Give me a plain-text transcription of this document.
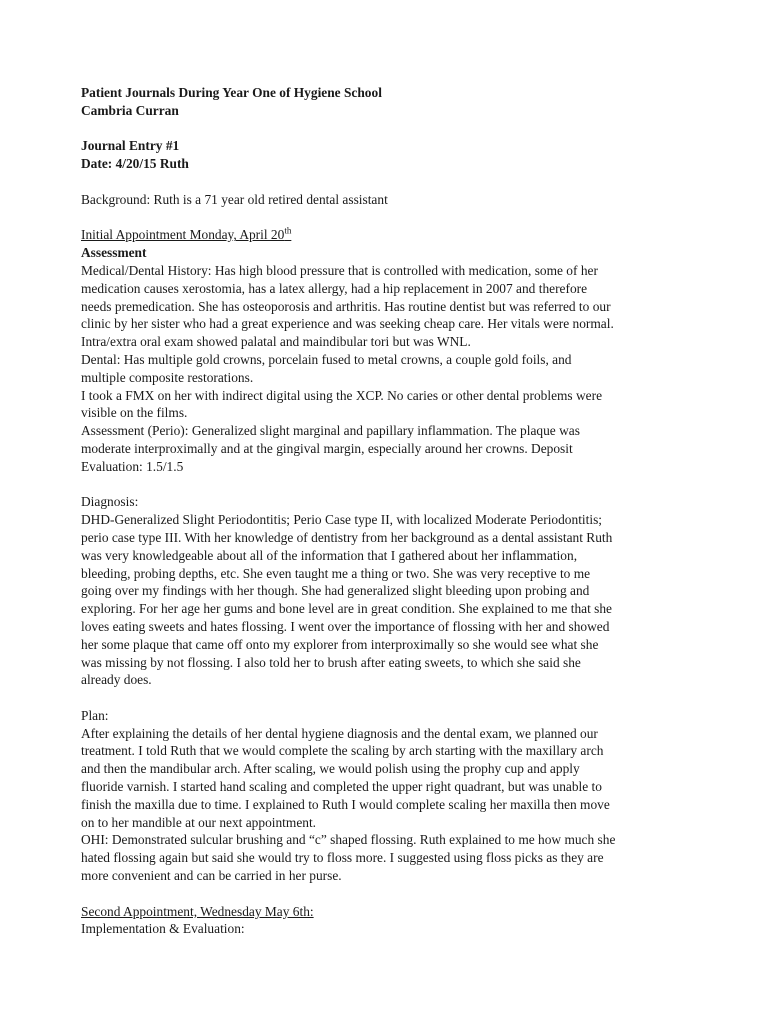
Patient Journals During Year One of Hygiene School
Cambria Curran
Journal Entry #1
Date: 4/20/15 Ruth
Background: Ruth is a 71 year old retired dental assistant
Initial Appointment Monday, April 20th
Assessment
Medical/Dental History: Has high blood pressure that is controlled with medication, some of her
medication causes xerostomia, has a latex allergy, had a hip replacement in 2007 and therefore
needs premedication. She has osteoporosis and arthritis. Has routine dentist but was referred to our
clinic by her sister who had a great experience and was seeking cheap care. Her vitals were normal.
Intra/extra oral exam showed palatal and maindibular tori but was WNL.
Dental: Has multiple gold crowns, porcelain fused to metal crowns, a couple gold foils, and
multiple composite restorations.
I took a FMX on her with indirect digital using the XCP. No caries or other dental problems were
visible on the films.
Assessment (Perio): Generalized slight marginal and papillary inflammation. The plaque was
moderate interproximally and at the gingival margin, especially around her crowns. Deposit
Evaluation: 1.5/1.5
Diagnosis:
DHD-Generalized Slight Periodontitis; Perio Case type II, with localized Moderate Periodontitis;
perio case type III. With her knowledge of dentistry from her background as a dental assistant Ruth
was very knowledgeable about all of the information that I gathered about her inflammation,
bleeding, probing depths, etc. She even taught me a thing or two. She was very receptive to me
going over my findings with her though. She had generalized slight bleeding upon probing and
exploring. For her age her gums and bone level are in great condition. She explained to me that she
loves eating sweets and hates flossing. I went over the importance of flossing with her and showed
her some plaque that came off onto my explorer from interproximally so she would see what she
was missing by not flossing. I also told her to brush after eating sweets, to which she said she
already does.
Plan:
After explaining the details of her dental hygiene diagnosis and the dental exam, we planned our
treatment. I told Ruth that we would complete the scaling by arch starting with the maxillary arch
and then the mandibular arch. After scaling, we would polish using the prophy cup and apply
fluoride varnish. I started hand scaling and completed the upper right quadrant, but was unable to
finish the maxilla due to time. I explained to Ruth I would complete scaling her maxilla then move
on to her mandible at our next appointment.
OHI: Demonstrated sulcular brushing and “c” shaped flossing. Ruth explained to me how much she
hated flossing again but said she would try to floss more. I suggested using floss picks as they are
more convenient and can be carried in her purse.
Second Appointment, Wednesday May 6th:
Implementation & Evaluation:
